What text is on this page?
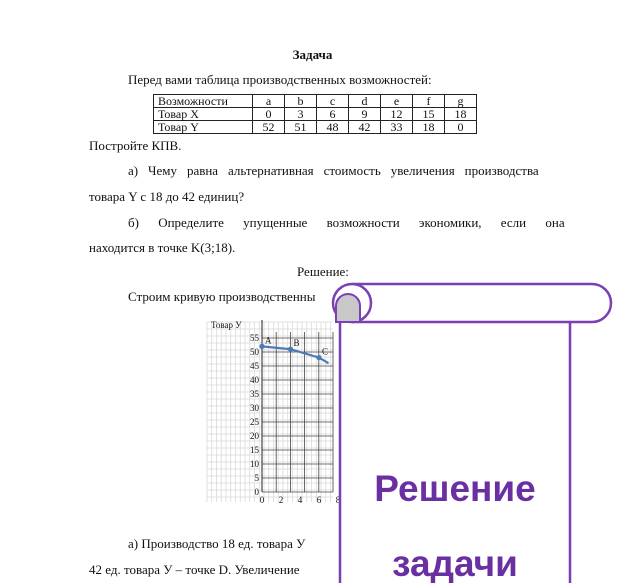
Задача
Перед вами таблица производственных возможностей:
Возможности	a	b	c	d	e	f	g
Товар X	0	3	6	9	12	15	18
Товар Y	52	51	48	42	33	18	0
Постройте КПВ.
а) Чему равна альтернативная стоимость увеличения производства
товара Y с 18 до 42 единиц?
б) Определите упущенные возможности экономики, если она
находится в точке K(3;18).
Решение:
Строим кривую производственны
Товар У
55
50
45
40
35
30
25
20
15
10
5
0
0 2 4 6 8
A B
C
а) Производство 18 ед. товара У
42 ед. товара У – точке D. Увеличение
Решение
задачи
